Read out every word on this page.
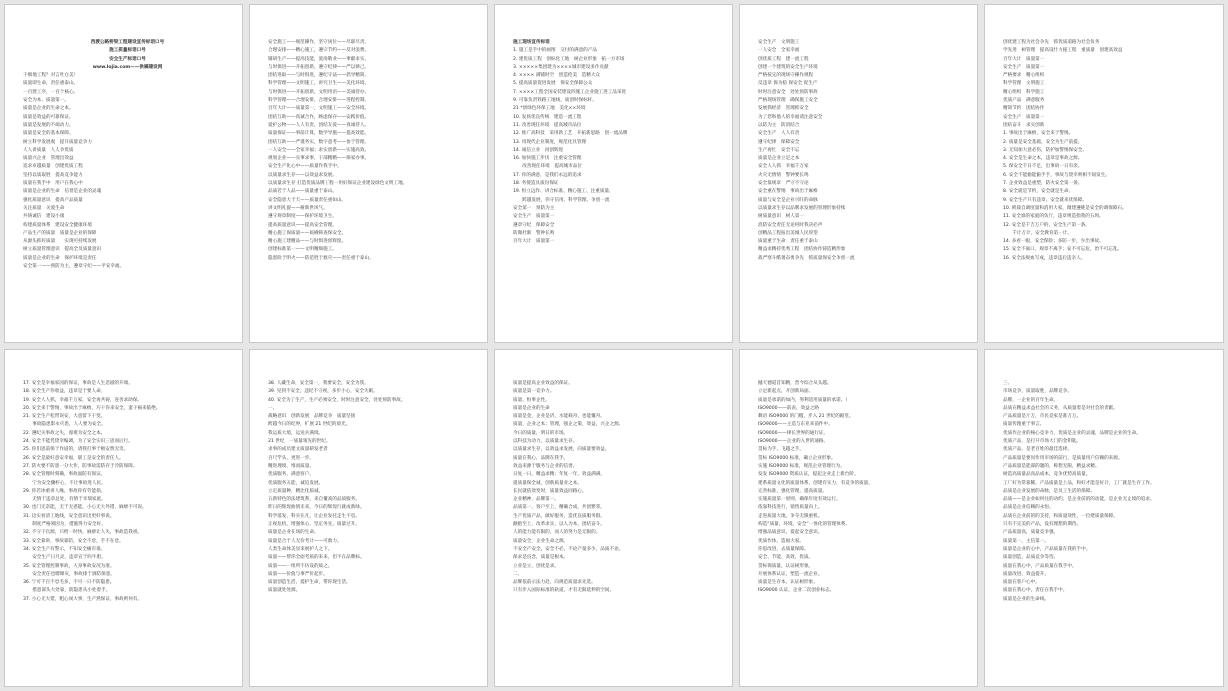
西渡公路桥梁工程建设宣传标语口号
施工质量标语口号
安全生产标语口号
www.lojia.com——供稿建设网
干细地工程？对言吐仓美！
质量即生命，责任重泰山。
一百建工序，一百个核心。
安全为本，质量第一。
质量是企业的生命之本。
质量是效益的可靠保证。
质量是发展的不竭动力。
质量是安全的基本保障。
树立科学发展观　提升质量竞争力
人人讲质量　人人争优质
质量兴企业　管理出效益
追求卓越质量　创建优质工程
坚持以质取胜　提高竞争能力
质量在我手中　用户在我心中
质量是企业的生命　信誉是企业的灵魂
强化质量意识　提高产品质量
关注质量　关爱生命
共铸诚信　建设小康
构建质量体系　建设安全健康环境
产品生产的质量　质量是企业的保障
从源头抓好质量　　实现可持续发展
树立质量管理意识　提高全员质量意识
质量是企业的生命　保护环境是责任
安全第一——预防为主，遵章守纪——平安幸福。
安全施工——规范操作，坚守岗位——尽职尽责。
合理安排——精心施工，遵守节约——反对浪费。
铺研生产——提高技能，爱岗敬业——事献求实。
与时俱进——开拓创新，遵守纪律——严以律己。
团结进取——与时俱进，遵纪守法——倡导精简。
科学管理——文明施工，讲究卫生——美化环境。
与时俱进——开拓创新，文明用语——美诚待办。
科学管理——合理安排，合理安排——进程控制。
百年大计——质量第一，文明施工——安全环境。
团结互助——真诚合作，顾虑保存——安践价值。
爱护公物——人人有责，团结友爱——真诚待人。
质量保证——事前计算，数学导施——提高效能。
团结互助——严谨务实，数字意考——参于管理。
一人安全——全家幸福；求实创新——实施高效。
规划企业——实事求事，干部精精——保家办事。
安全生产化心中——质量作我手中。
以质量求生存——以效益求发展。
以质量求生存 打造优质品牌工程一用好保证企业建设绿色文明工地。
品质若于人品——质量重于泰山。
安全隐患大于天——质量责任重如山。
讲文明礼貌——树新世风气。
遵守规章制度——保护环境卫生。
提高质量意识——提高安全管理。
精心施工保质量——质檢筛查保安全。
精心施工建精品——与时俱进创辉煌。
创建标准第一——文明精细施工。
隐患险于明火——防范胜于救灾——责任重于泰山。
施工现场宣传标语
1. 施工是手中的画图　交付的满意的产品
2. 建优质工程　创标化工地　树企业形象　拓一方市场
3. ×××××集团建为××××城市建设多作贡献
4. ×××× 满铺时空　创造伦美　造精大众
5. 提高质量促进发展　保安全保障公众
7. ××××工程全国安装建设四施工企业施工进工品采优
9. 可靠负责铁路工地线，质创时保标杆。
21 *创绿色环保工地　美化××环境
10. 发扬优良传统　建造一流工程
11. 改善现任环境　提高城市品位
12. 推广高科技　采用新工艺　开拓新思路　创一流品牌
13. 用现代企业制度，规范化具管理
14. 诚信立业　再创辉煌
16. 加快施工步伐　注重安全管理
　　改善现任环境　提高城市品位
17. 你的满意，是我们永远的追求
18. 务使造具质份保证
19. 恒立远作、讲合标准、精心施工、注重质量、
　　跨越发展，你守信用、科学管理、争创一流
安全第一　预防为主
安全生产　质量第一
遵章守纪　保障安全
防微杜渐　警钟长鸣
百年大计　质量第一
安全生产　文明施工
一人安全　全家幸福
创优质工程　建一流工程
创建一个建筑的安全生产环境
严格按完的现场守操作规程
反违章 保为稳 保安全 促生产
时时注意安全　处处预防事故
严格现场管理　确保施工安全
发展抓经济　管理抓安全
为了您和他人的幸福请注意安全
以防为主　防消结合
安全生产　人人有责
遵守纪律　保障安全
生产再忙　安全不忘
质量是企业立足之本
安全人人抓　幸福千万家
火灾无情情　警钟要长鸣
安全靠规章　严守不守论
安全重在警惕　事故出于麻痹
质量与安全是企业兴旺的命脉
以质量求生存以品牌求发展的管理形象持续
树质量意识　树人第一
消防安全责任无论何时我决必声
创精品工程报出美城人民厚望
质量重于生命　责任重于泰山
精益求精持优秀工程　团结协作铸造精形象
战严寒斗酷暑奋勇争先　抓质量保安全争创一流
创优建工程为社会争先　抓优质道路为社会负务
学先进　树管理　提高设什力拖工程　重质量　创建高效益
百年大计　质量第一
安全生产　质量第一
严格要求　精心组织
科学管理　文明施工
精心组织　科学施工
优质产品　满意服务
精简节约　团结协作
安全生产　质量第一
团结奋斗　求实创新
1. 事故出于麻痹，安全来于警惕。
2. 质量是安全基础，安全为生产前提。
3. 无知加大意必伤，防护加警惕保安全。
4. 安全是生命之本，违章是事故之源。
5. 保安全千日不足，出事故一日有余。
6. 安全不能偷能偷手手，事故与侥幸则相不间发生。
7. 企业效益是重塑，防火安全第一条。
8. 安全就是节约，安全就是生命。
9. 安全生产只有违章，安全就来优保障。
10. 锁裁自调度量和消用大家，微建遵挑是安全的调保障石。
11. 安全谁的家庭的负厅，违章则造指我的五坝。
12. 安全是千吉万户的，安全生产第一条。
　　千计万计，安全教育第一计。
14. 多看一眼，安全保险；多防一步，少出事故。
15. 安全不离口，规章不离手；安不可忘危，治不可忘乱。
16. 安全法规血写成，违章违后违亲人。
17. 安全是幸福家园的保证，事故是人生悲剧的开端。
18. 安全生产你收益，违章是于要人命。
19. 安全人人抓，幸福千万家，安全再共铸，连善求助保。
20. 安全来于警惕，事故出于麻痹，巧干你来安全，蛮干祸来临绝。
21. 安全生产松带误安，大意留下干变。
　　事故隐患影永灾患，人人要为安全。
22. 遵纪关事故之失，漫难为安全之本。
24. 安全不能凭侥幸编调，为了安全实识三思而后行。
25. 你们思前保于作道的，请我打事于极安然无奇。
26. 安全是最好意安幸福，职工是安全的责任人。
27. 防火要不防患一分大作，防事故需防存于冷防保障。
28. 安全管理时刻确，事故面防有保证。
　　宁为安全骤杯心，不让事故进人民。
29. 你若冰重讲人缘，事故你有劳能损。
　　无情于违章总处，有情于幸瑞家庭。
30. 也门无奈能，无于无惑能，小心无大外错，麻痹不可误。
31. 边实看清工地线，安全意识出更好事说。
　　制度严格须因为，措施得力安全好。
32. 不守干官源，只给一时快，麻痹让人失，事故造我祖。
33. 安全靠讲，事故靠防，安全不怠，手不在怠。
34. 安全生产有警示，不知安全痛有谁。
　　安全生产日月灵，违章宣于吗牛胆。
35. 安全管理控制事故，人身事故安况为准。
　　安全责任也嗯爆灰，事故排于酒防保患。
36. 宁可千百不怠毛多，不可一日不防隐患。
　　措意部头大处靠，防隐患从小处着手。
37. 小心无大错，粗心闯大事，生产然保证，事故则何有。
38. 人藏生命，安全第一，我要安全，安全为我。
39. 见到不安全，违纪不守视，多步小心，安全失眠。
40. 安全为了生产，生产必须安全，时时注意安全，处处预防事故。
一、
战略意识　创新发展　品牌竞争　质量坚韧
跨越今日的纪界，扩展 21 世纪的晨光。
我运质大境，运送兵满境。
21 世纪　一质量领先的世纪。
求事的成员建文质量研发老者
百尺竿头，更进一步。
精进理境，堆而质量。
优质服务，满意客户。
优质服务五能，诚迫发展。
立定质量种，精比化质诚。
五新特色的法建筑系，来自覆高的品质服务。
昨日的辉煌曲情未来，今日的辉煌行就成新绿。
科学落发，科实在凡，让企业发托走生不息。
正视危机，增强体心，坚定务先，质量过升。
质量是企业在场的生命。
质量是合于人无价考计——可救力。
人类生命体美显来展护人之下。
质量——帮你全面考质的来来，但不在品牌标。
质量——一组所不仿设的质之。
质量——价值与事严价起步。
质量创造生活，提护生命，帮你现生活。
质量就处处源。
质量是提高企业效益的保证。
质量是第一竞争力。
质量，恒事企性。
质量是企业的生命
质量是金，企业是济，水能载舟，也能覆舟。
质量，企业之本；管理，强企之策，效益，兴企之源。
今日的质量，明日的市场。
以科技为动力，以质量求生存。
以质量求生存，以效益求发展，向质量要效益。
质量在我心，品牌在我手。
效益来源于服务与企业的信誉。
日复一日，精益求精；年复一年，效益满满。
提质量保全诚，创新质量业之本。
长民就依效变时，质量效益同路心。
企业精神，品牌第一。
品质第一，客户至上，精确合成，共创繁荣。
生产优质产品，做好服务，造优良质服务群。
颠抱至上，改革求实，以人为本，团结奋斗。
人的能力能有限的，而人的努力是无限的。
质量安全，企业生命之源。
不安全产安全，安全不必，不论产量多少，品质不论。
保求是良念，质量是根本。
立业是立，创优是求。
二、
品牌依前示法力赴，向规范质量求先选。
只有步入国际标准的轨道，才有无限延伸的空间。
撼天德道首知精，营今综合从头越。
立足新起点，开创新局面。
质量是承诺的如内，努利适用质量的承诺。（
ISO9000——前表，效益之路
舞语 ISO9000 的门槛，步入 21 世纪的殿堂。
ISO9000——主造与东亚来前件中。
ISO9000——律长世界的通行证。
ISO9000——企业的入世的通路。
贯标为手，飞越之手。
贯标 ISO9000 标准，确立企业形象。
实施 ISO9000 标准，规范企业管理行为。
发发 ISO9000 资质认证，提起企业走上新台阶。
建系质量文化的质量体系，创建有实力，有竞争的质量。
完善标准，强化管理，提高质量。
实施质量第一原则，确保年度有效运行。
依靠科技进行，销售质量向上。
走进质量大地，争夺无限重机。
构造“质量、环境、安全”一体化的管理体系。
增强品质意识，提起安全意识。
优质作体，造福大家。
你思改进，去质量保障。
安全、节能、高效，优质。
贯标保质量，认证树形象。
开展体系认证，塑造一流企业。
质量是生存本，认证树形象。
ISO9000 认证，企业二次创业标志。
三、
市场竞争，质量取胜，品牌竞争。
品牌，一企业的百年生命。
品质在精益求益社会的义务，从质量着是对社会的责献。
产品质量是斤万，市民竞家是准万万。
质量传理重于事言。
优质作企业的核心竞争力，优质是企业的灵魂，品牌是企业的生命。
优质产品，是打开市场大门的金钥匙。
优质产品，是老百姓的最佳选择。
产品质量是要问作用市场的前行，是质量用户信赖的来源。
产品质量是能部的题的，称想无限，精益求精。
树造高质量品真品成本，竞争优势高质量。
工厂好为常靠稀，产品质量是上品，和好才能是好计，工厂就是生存工作。
品质是企业发展的命脉，是员工生活的保障。
品质——是企业如何往的动约，是企业前的的动能，是企业无止境的追求。
品质是企业信赖的永恒。
品质在企业前的的支持，和质量效性，一位建质量保障。
只有不完美的产品，没有理想的期待。
产品质量高，质量竞争强。
质量第一，主信第一。
质量是企业的心中，产品质量在我的手中。
质量创造，品质竞争等待。
质量在我心中，产品质量在我手中。
质量改进，效益提升。
质量在客户心中。
质量在我心中，责任在我手中。
质量是企业的生命线。
